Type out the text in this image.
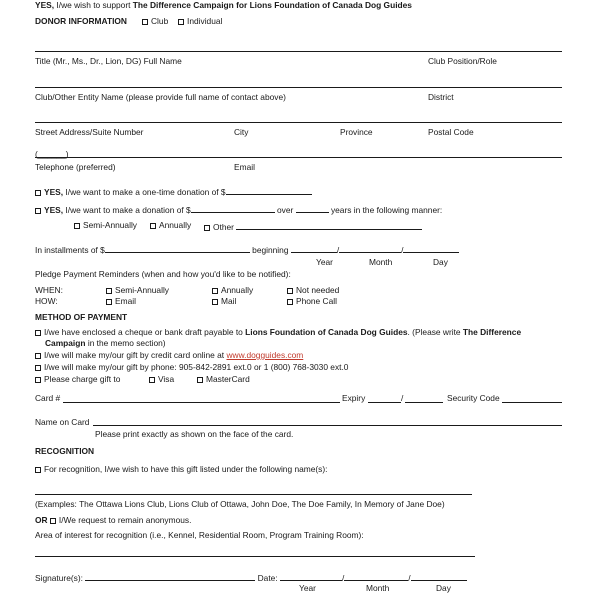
YES, I/we wish to support The Difference Campaign for Lions Foundation of Canada Dog Guides
DONOR INFORMATION	Club	Individual
Title (Mr., Ms., Dr., Lion, DG) Full Name	Club Position/Role
Club/Other Entity Name (please provide full name of contact above)	District
Street Address/Suite Number	City	Province	Postal Code
(______)
Telephone (preferred)	Email
YES, I/we want to make a one-time donation of $
YES, I/we want to make a donation of $	over	years in the following manner:
Semi-Annually	Annually	Other
In installments of $	beginning	/	/
Year	Month	Day
Pledge Payment Reminders (when and how you'd like to be notified):
WHEN:	Semi-Annually	Annually	Not needed
HOW:	Email	Mail	Phone Call
METHOD OF PAYMENT
I/we have enclosed a cheque or bank draft payable to Lions Foundation of Canada Dog Guides. (Please write The Difference
Campaign in the memo section)
I/we will make my/our gift by credit card online at www.dogguides.com
I/we will make my/our gift by phone: 905-842-2891 ext.0 or 1 (800) 768-3030 ext.0
Please charge gift to	Visa	MasterCard
Card #	Expiry	/	Security Code
Name on Card
Please print exactly as shown on the face of the card.
RECOGNITION
For recognition, I/we wish to have this gift listed under the following name(s):
(Examples: The Ottawa Lions Club, Lions Club of Ottawa, John Doe, The Doe Family, In Memory of Jane Doe)
OR I/We request to remain anonymous.
Area of interest for recognition (i.e., Kennel, Residential Room, Program Training Room):
Signature(s):	Date:	/	/
Year	Month	Day
